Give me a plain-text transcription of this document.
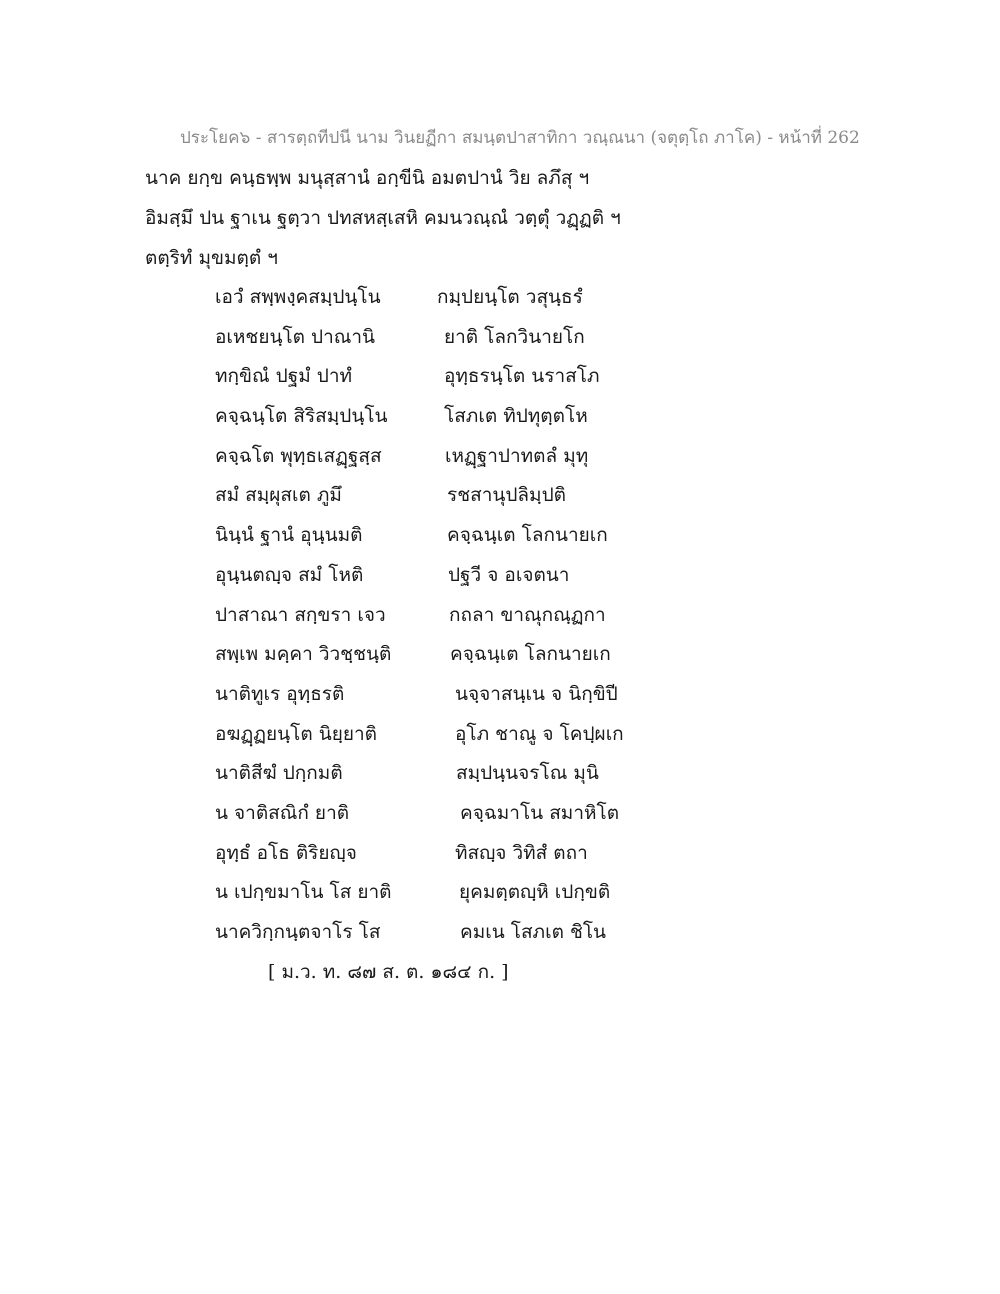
ประโยค๖ - สารตฺถทีปนี นาม วินยฏีกา สมนฺตปาสาทิกา วณฺณนา (จตุตฺโถ ภาโค) - หน้าที่ 262
นาค ยกฺข คนฺธพฺพ มนุสฺสานํ อกฺขีนิ อมตปานํ วิย ลภึสุ ฯ
อิมสฺมึ ปน ฐาเน ฐตฺวา ปทสหสฺเสหิ คมนวณฺณํ วตฺตุํ วฏฺฏติ ฯ
ตตฺริทํ มุขมตฺตํ ฯ
เอวํ สพฺพงฺคสมฺปนฺโน	กมฺปยนฺโต วสุนฺธรํ
อเหชยนฺโต ปาณานิ	ยาติ โลกวินายโก
ทกฺขิณํ ปฐมํ ปาทํ	อุทฺธรนฺโต นราสโภ
คจฺฉนฺโต สิริสมฺปนฺโน	โสภเต ทิปทุตฺตโห
คจฺฉโต พุทฺธเสฏฺฐสฺส	เหฏฺฐาปาทตลํ มุทุ
สมํ สมฺผุสเต ภูมึ	รชสานุปลิมฺปติ
นินฺนํ ฐานํ อุนฺนมติ	คจฺฉนฺเต โลกนายเก
อุนฺนตญฺจ สมํ โหติ	ปฐวี จ อเจตนา
ปาสาณา สกฺขรา เจว	กถลา ขาณุกณฺฏกา
สพฺเพ มคฺคา วิวชฺชนฺติ	คจฺฉนฺเต โลกนายเก
นาติทูเร อุทฺธรติ	นจฺจาสนฺเน จ นิกฺขิปี
อฆฏฺฏยนฺโต นิยฺยาติ	อุโภ ชาณู จ โคปฺผเก
นาติสีฆํ ปกฺกมติ	สมฺปนฺนจรโณ มุนิ
น จาติสณิกํ ยาติ	คจฺฉมาโน สมาหิโต
อุทฺธํ อโธ ติริยญฺจ	ทิสญฺจ วิทิสํ ตถา
น เปกฺขมาโน โส ยาติ	ยุคมตฺตญฺหิ เปกฺขติ
นาควิกฺกนฺตจาโร โส	คมเน โสภเต ชิโน
[ ม.ว. ท. ๘๗ ส. ต. ๑๘๔ ก. ]
